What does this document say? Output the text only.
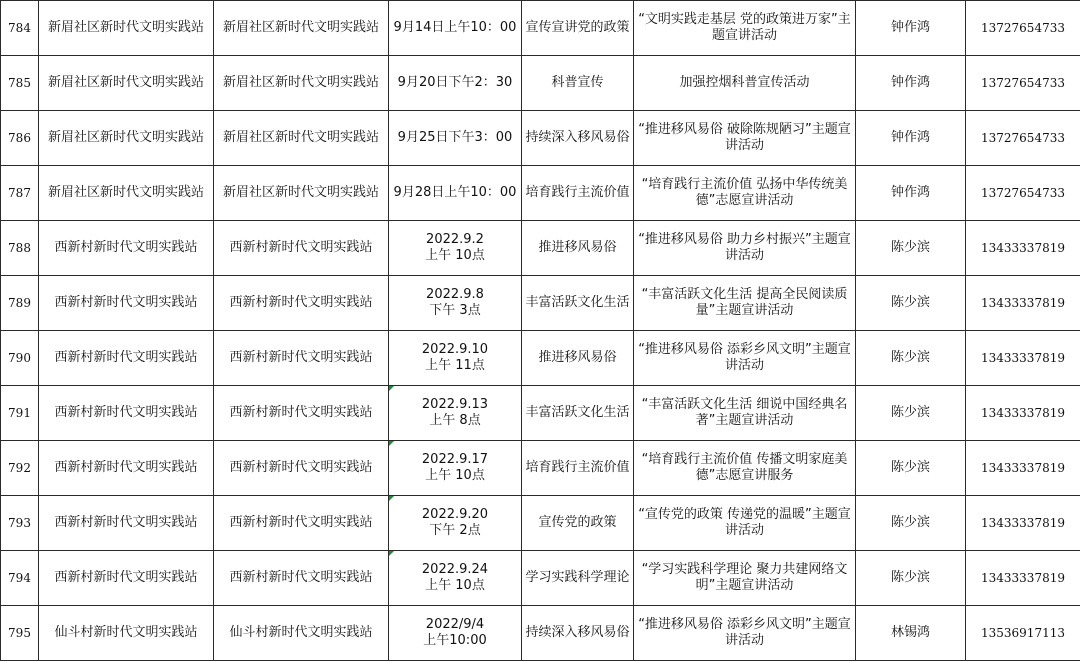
784	新眉社区新时代文明实践站	新眉社区新时代文明实践站	9月14日上午10：00	宣传宣讲党的政策	“文明实践走基层 党的政策进万家”主
题宣讲活动	钟作鸿	13727654733
785	新眉社区新时代文明实践站	新眉社区新时代文明实践站	9月20日下午2：30	科普宣传	加强控烟科普宣传活动	钟作鸿	13727654733
786	新眉社区新时代文明实践站	新眉社区新时代文明实践站	9月25日下午3：00	持续深入移风易俗	“推进移风易俗 破除陈规陋习”主题宣
讲活动	钟作鸿	13727654733
787	新眉社区新时代文明实践站	新眉社区新时代文明实践站	9月28日上午10：00	培育践行主流价值	“培育践行主流价值 弘扬中华传统美
德”志愿宣讲活动	钟作鸿	13727654733
788	西新村新时代文明实践站	西新村新时代文明实践站	2022.9.2
上午 10点	推进移风易俗	“推进移风易俗 助力乡村振兴”主题宣
讲活动	陈少滨	13433337819
789	西新村新时代文明实践站	西新村新时代文明实践站	2022.9.8
下午 3点	丰富活跃文化生活	“丰富活跃文化生活 提高全民阅读质
量”主题宣讲活动	陈少滨	13433337819
790	西新村新时代文明实践站	西新村新时代文明实践站	2022.9.10
上午 11点	推进移风易俗	“推进移风易俗 添彩乡风文明”主题宣
讲活动	陈少滨	13433337819
791	西新村新时代文明实践站	西新村新时代文明实践站	2022.9.13
上午 8点	丰富活跃文化生活	“丰富活跃文化生活 细说中国经典名
著”主题宣讲活动	陈少滨	13433337819
792	西新村新时代文明实践站	西新村新时代文明实践站	2022.9.17
上午 10点	培育践行主流价值	“培育践行主流价值 传播文明家庭美
德”志愿宣讲服务	陈少滨	13433337819
793	西新村新时代文明实践站	西新村新时代文明实践站	2022.9.20
下午 2点	宣传党的政策	“宣传党的政策 传递党的温暖”主题宣
讲活动	陈少滨	13433337819
794	西新村新时代文明实践站	西新村新时代文明实践站	2022.9.24
上午 10点	学习实践科学理论	“学习实践科学理论 聚力共建网络文
明”主题宣讲活动	陈少滨	13433337819
795	仙斗村新时代文明实践站	仙斗村新时代文明实践站	2022/9/4
上午10:00	持续深入移风易俗	“推进移风易俗 添彩乡风文明”主题宣
讲活动	林锡鸿	13536917113
